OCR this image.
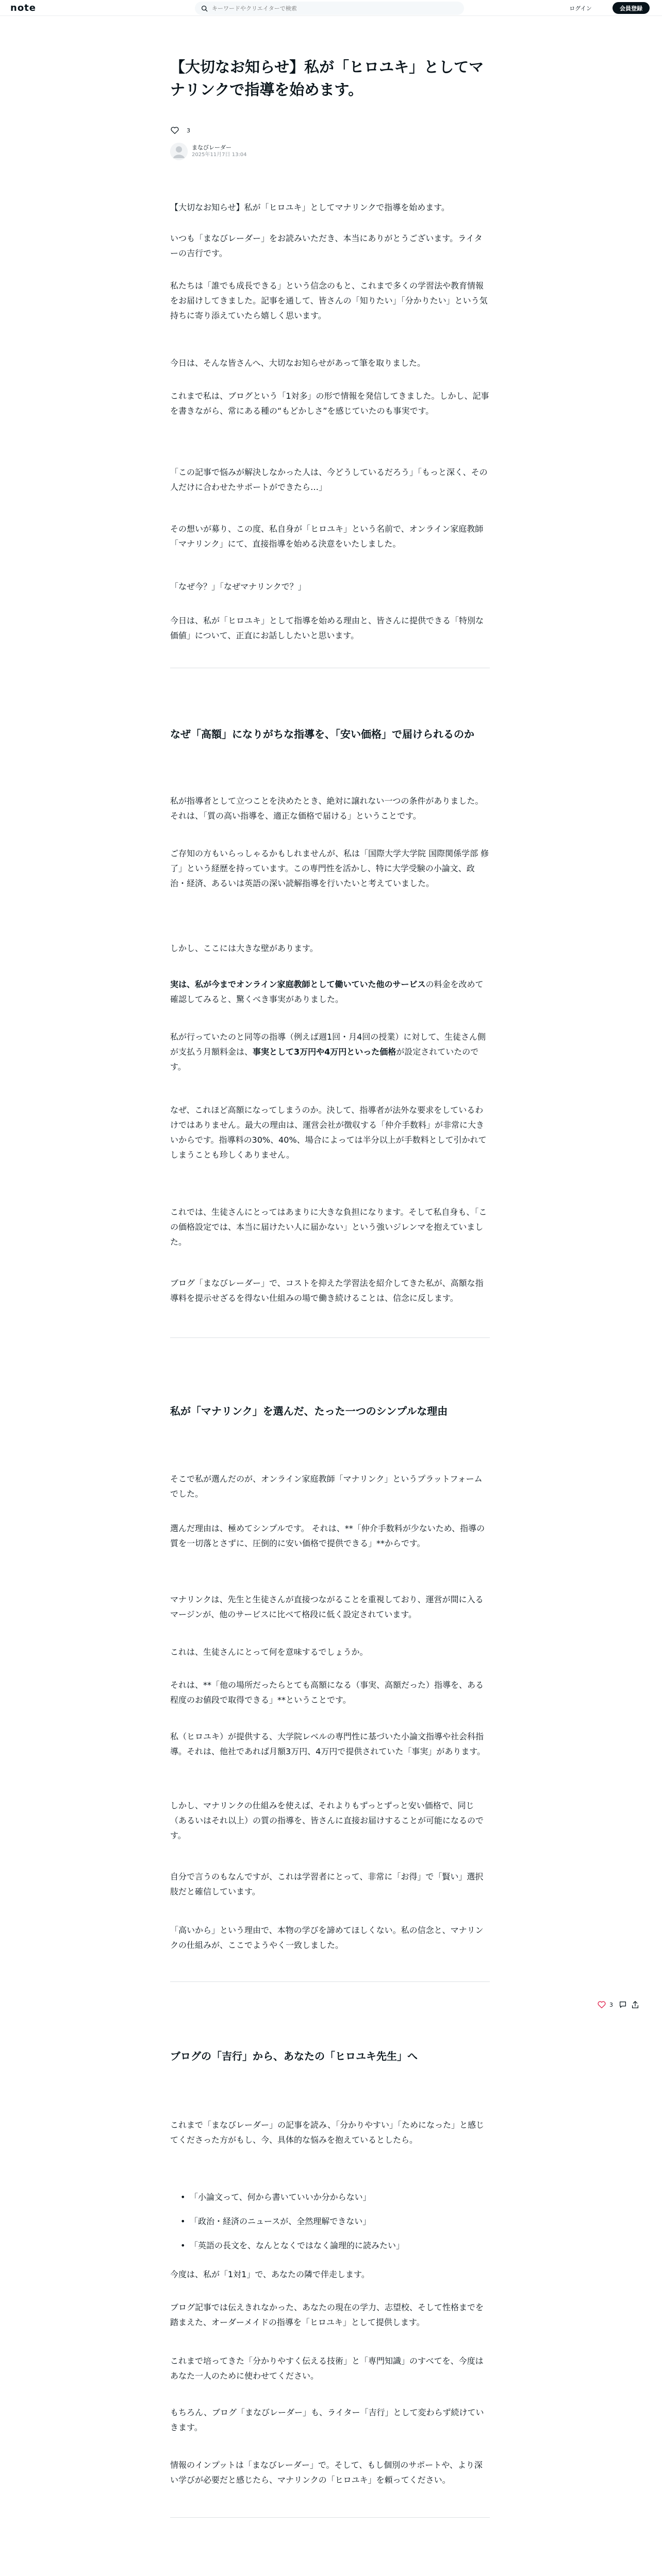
note
キーワードやクリエイターで検索	ログイン	会員登録
【大切なお知らせ】私が「ヒロユキ」としてマナリンクで指導を始めます。
3
まなびレーダー
2025年11月7日 13:04

【大切なお知らせ】私が「ヒロユキ」としてマナリンクで指導を始めます。

いつも「まなびレーダー」をお読みいただき、本当にありがとうございます。ライターの吉行です。

私たちは「誰でも成長できる」という信念のもと、これまで多くの学習法や教育情報をお届けしてきました。記事を通して、皆さんの「知りたい」「分かりたい」という気持ちに寄り添えていたら嬉しく思います。

今日は、そんな皆さんへ、大切なお知らせがあって筆を取りました。

これまで私は、ブログという「1対多」の形で情報を発信してきました。しかし、記事を書きながら、常にある種の“もどかしさ”を感じていたのも事実です。

「この記事で悩みが解決しなかった人は、今どうしているだろう」「もっと深く、その人だけに合わせたサポートができたら…」

その想いが募り、この度、私自身が「ヒロユキ」という名前で、オンライン家庭教師「マナリンク」にて、直接指導を始める決意をいたしました。

「なぜ今？」「なぜマナリンクで？」

今日は、私が「ヒロユキ」として指導を始める理由と、皆さんに提供できる「特別な価値」について、正直にお話ししたいと思います。

なぜ「高額」になりがちな指導を、「安い価格」で届けられるのか

私が指導者として立つことを決めたとき、絶対に譲れない一つの条件がありました。それは、「質の高い指導を、適正な価格で届ける」ということです。

ご存知の方もいらっしゃるかもしれませんが、私は「国際大学大学院 国際関係学部 修了」という経歴を持っています。この専門性を活かし、特に大学受験の小論文、政治・経済、あるいは英語の深い読解指導を行いたいと考えていました。

しかし、ここには大きな壁があります。

実は、私が今までオンライン家庭教師として働いていた他のサービスの料金を改めて確認してみると、驚くべき事実がありました。

私が行っていたのと同等の指導（例えば週1回・月4回の授業）に対して、生徒さん側が支払う月額料金は、事実として3万円や4万円といった価格が設定されていたのです。

なぜ、これほど高額になってしまうのか。決して、指導者が法外な要求をしているわけではありません。最大の理由は、運営会社が徴収する「仲介手数料」が非常に大きいからです。指導料の30%、40%、場合によっては半分以上が手数料として引かれてしまうことも珍しくありません。

これでは、生徒さんにとってはあまりに大きな負担になります。そして私自身も、「この価格設定では、本当に届けたい人に届かない」という強いジレンマを抱えていました。

ブログ「まなびレーダー」で、コストを抑えた学習法を紹介してきた私が、高額な指導料を提示せざるを得ない仕組みの場で働き続けることは、信念に反します。

私が「マナリンク」を選んだ、たった一つのシンプルな理由

そこで私が選んだのが、オンライン家庭教師「マナリンク」というプラットフォームでした。

選んだ理由は、極めてシンプルです。 それは、**「仲介手数料が少ないため、指導の質を一切落とさずに、圧倒的に安い価格で提供できる」**からです。

マナリンクは、先生と生徒さんが直接つながることを重視しており、運営が間に入るマージンが、他のサービスに比べて格段に低く設定されています。

これは、生徒さんにとって何を意味するでしょうか。

それは、**「他の場所だったらとても高額になる（事実、高額だった）指導を、ある程度のお値段で取得できる」**ということです。

私（ヒロユキ）が提供する、大学院レベルの専門性に基づいた小論文指導や社会科指導。それは、他社であれば月額3万円、4万円で提供されていた「事実」があります。

しかし、マナリンクの仕組みを使えば、それよりもずっとずっと安い価格で、同じ（あるいはそれ以上）の質の指導を、皆さんに直接お届けすることが可能になるのです。

自分で言うのもなんですが、これは学習者にとって、非常に「お得」で「賢い」選択肢だと確信しています。

「高いから」という理由で、本物の学びを諦めてほしくない。私の信念と、マナリンクの仕組みが、ここでようやく一致しました。

ブログの「吉行」から、あなたの「ヒロユキ先生」へ

これまで「まなびレーダー」の記事を読み、「分かりやすい」「ためになった」と感じてくださった方がもし、今、具体的な悩みを抱えているとしたら。

• 「小論文って、何から書いていいか分からない」
• 「政治・経済のニュースが、全然理解できない」
• 「英語の長文を、なんとなくではなく論理的に読みたい」

今度は、私が「1対1」で、あなたの隣で伴走します。

ブログ記事では伝えきれなかった、あなたの現在の学力、志望校、そして性格までを踏まえた、オーダーメイドの指導を「ヒロユキ」として提供します。

これまで培ってきた「分かりやすく伝える技術」と「専門知識」のすべてを、今度はあなた一人のために使わせてください。

もちろん、ブログ「まなびレーダー」も、ライター「吉行」として変わらず続けていきます。

情報のインプットは「まなびレーダー」で。そして、もし個別のサポートや、より深い学びが必要だと感じたら、マナリンクの「ヒロユキ」を頼ってください。

3
